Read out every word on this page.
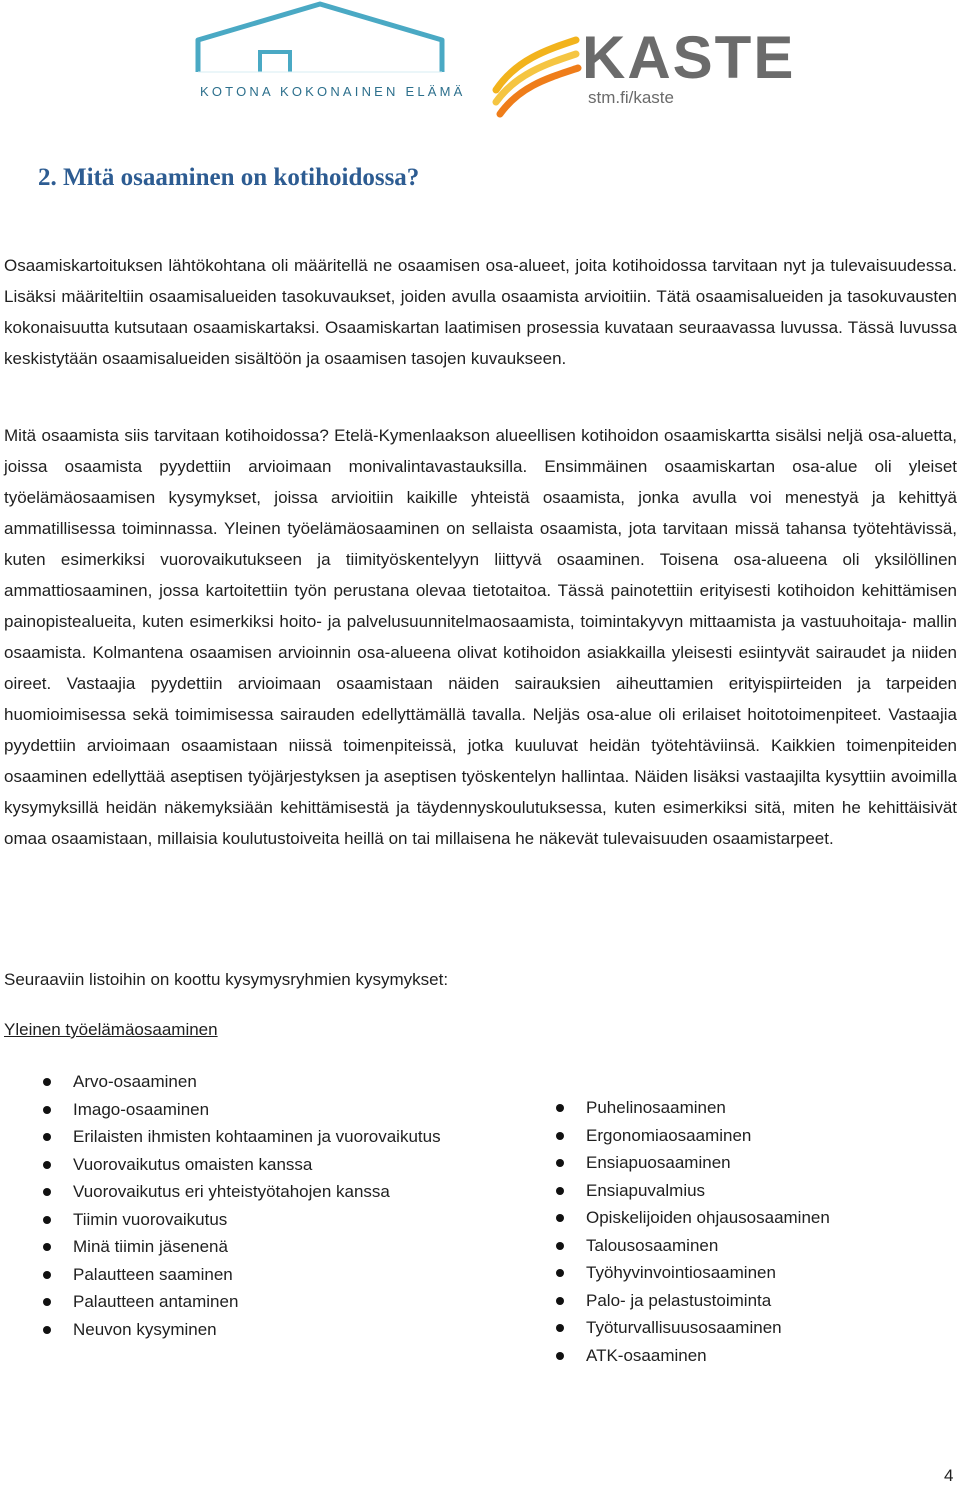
KOTONA KOKONAINEN ELÄMÄ
KASTE
stm.fi/kaste
2. Mitä osaaminen on kotihoidossa?

Osaamiskartoituksen lähtökohtana oli määritellä ne osaamisen osa-alueet, joita kotihoidossa tarvitaan nyt ja tulevaisuudessa. Lisäksi määriteltiin osaamisalueiden tasokuvaukset, joiden avulla osaamista arvioitiin. Tätä osaamisalueiden ja tasokuvausten kokonaisuutta kutsutaan osaamiskartaksi. Osaamiskartan laatimisen prosessia kuvataan seuraavassa luvussa. Tässä luvussa keskistytään osaamisalueiden sisältöön ja osaamisen tasojen kuvaukseen.

Mitä osaamista siis tarvitaan kotihoidossa? Etelä-Kymenlaakson alueellisen kotihoidon osaamiskartta sisälsi neljä osa-aluetta, joissa osaamista pyydettiin arvioimaan monivalintavastauksilla. Ensimmäinen osaamiskartan osa-alue oli yleiset työelämäosaamisen kysymykset, joissa arvioitiin kaikille yhteistä osaamista, jonka avulla voi menestyä ja kehittyä ammatillisessa toiminnassa. Yleinen työelämäosaaminen on sellaista osaamista, jota tarvitaan missä tahansa työtehtävissä, kuten esimerkiksi vuorovaikutukseen ja tiimityöskentelyyn liittyvä osaaminen. Toisena osa-alueena oli yksilöllinen ammattiosaaminen, jossa kartoitettiin työn perustana olevaa tietotaitoa. Tässä painotettiin erityisesti kotihoidon kehittämisen painopistealueita, kuten esimerkiksi hoito- ja palvelusuunnitelmaosaamista, toimintakyvyn mittaamista ja vastuuhoitaja- mallin osaamista. Kolmantena osaamisen arvioinnin osa-alueena olivat kotihoidon asiakkailla yleisesti esiintyvät sairaudet ja niiden oireet. Vastaajia pyydettiin arvioimaan osaamistaan näiden sairauksien aiheuttamien erityispiirteiden ja tarpeiden huomioimisessa sekä toimimisessa sairauden edellyttämällä tavalla. Neljäs osa-alue oli erilaiset hoitotoimenpiteet. Vastaajia pyydettiin arvioimaan osaamistaan niissä toimenpiteissä, jotka kuuluvat heidän työtehtäviinsä. Kaikkien toimenpiteiden osaaminen edellyttää aseptisen työjärjestyksen ja aseptisen työskentelyn hallintaa. Näiden lisäksi vastaajilta kysyttiin avoimilla kysymyksillä heidän näkemyksiään kehittämisestä ja täydennyskoulutuksessa, kuten esimerkiksi sitä, miten he kehittäisivät omaa osaamistaan, millaisia koulutustoiveita heillä on tai millaisena he näkevät tulevaisuuden osaamistarpeet.

Seuraaviin listoihin on koottu kysymysryhmien kysymykset:

Yleinen työelämäosaaminen

Arvo-osaaminen
Imago-osaaminen
Erilaisten ihmisten kohtaaminen ja vuorovaikutus
Vuorovaikutus omaisten kanssa
Vuorovaikutus eri yhteistyötahojen kanssa
Tiimin vuorovaikutus
Minä tiimin jäsenenä
Palautteen saaminen
Palautteen antaminen
Neuvon kysyminen
Puhelinosaaminen
Ergonomiaosaaminen
Ensiapuosaaminen
Ensiapuvalmius
Opiskelijoiden ohjausosaaminen
Talousosaaminen
Työhyvinvointiosaaminen
Palo- ja pelastustoiminta
Työturvallisuusosaaminen
ATK-osaaminen
4
